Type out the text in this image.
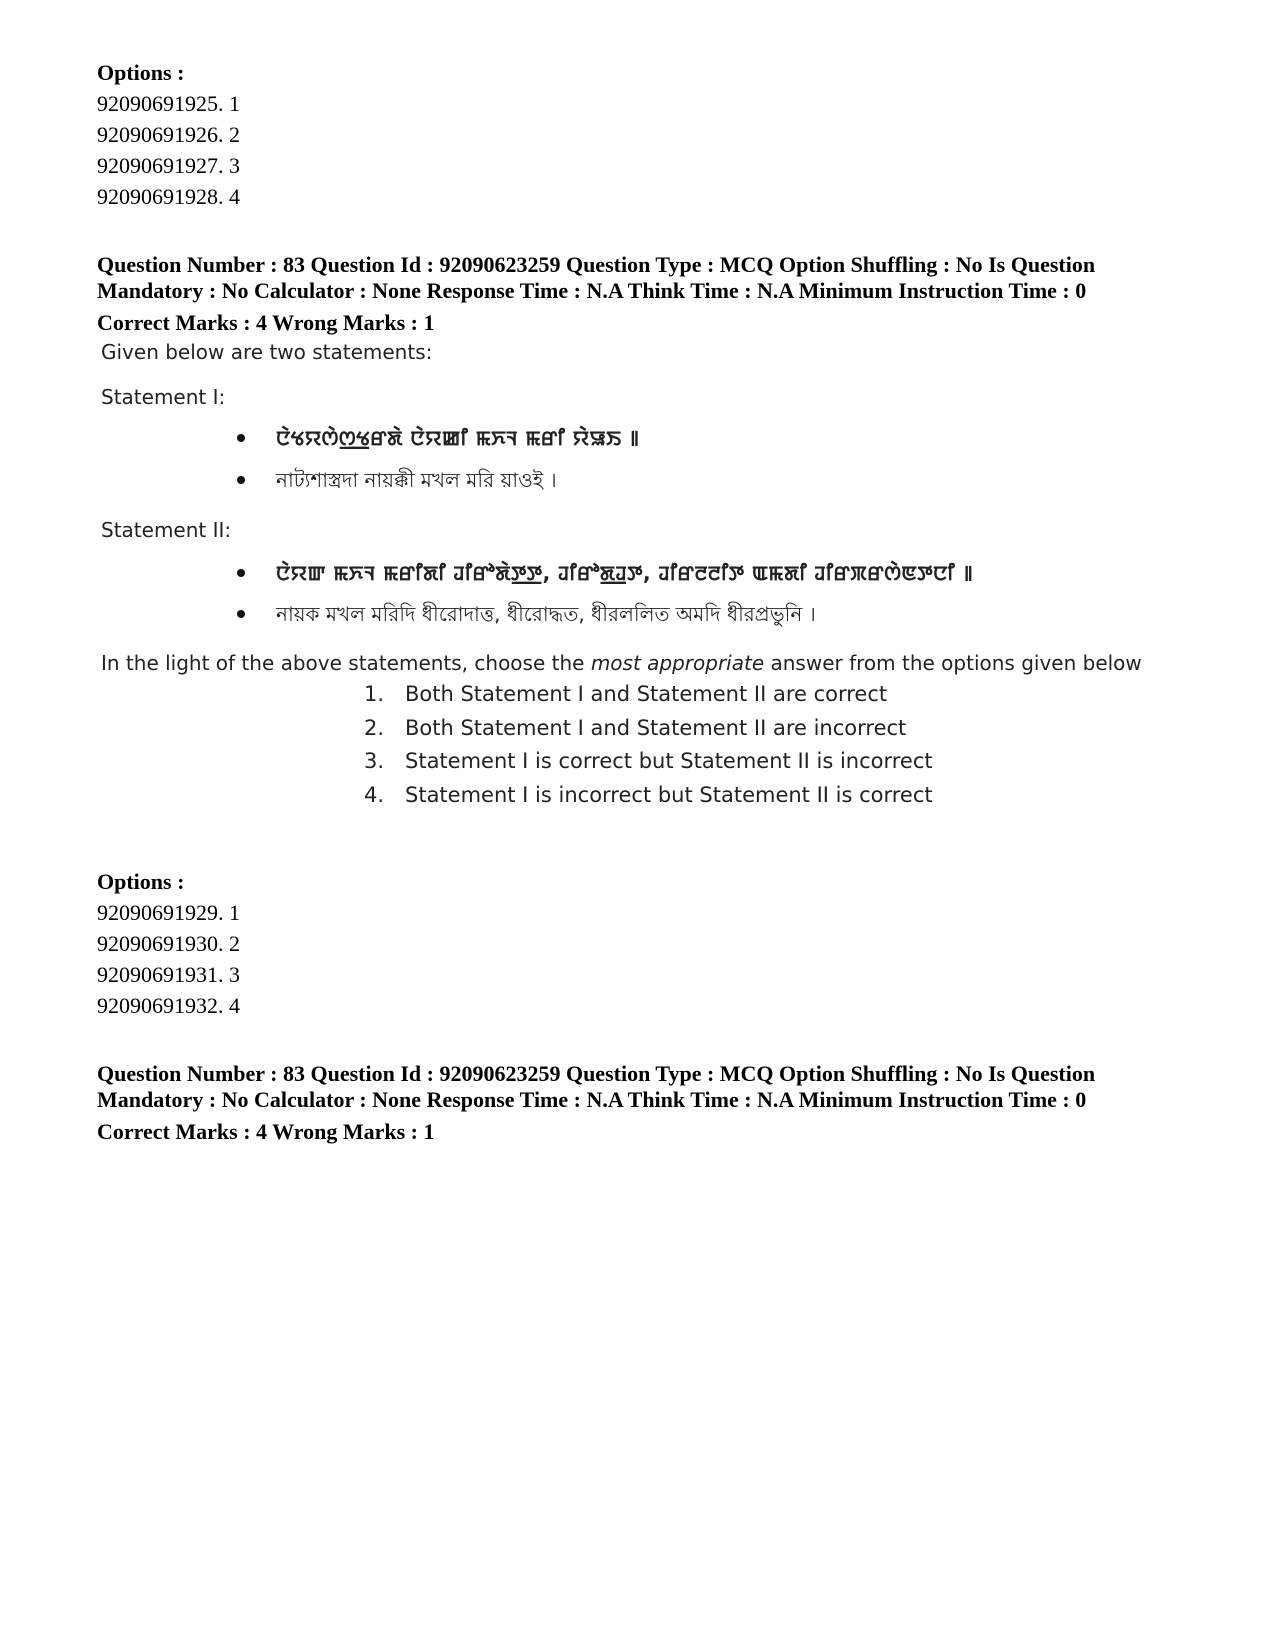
Options :
92090691925. 1
92090691926. 2
92090691927. 3
92090691928. 4
Question Number : 83 Question Id : 92090623259 Question Type : MCQ Option Shuffling : No Is Question
Mandatory : No Calculator : None Response Time : N.A Think Time : N.A Minimum Instruction Time : 0
Correct Marks : 4 Wrong Marks : 1
Given below are two statements:
Statement I:
ꯅꯥꯠꯌꯁꯥꯁ꯭ꯠꯔꯗꯥ ꯅꯥꯌꯀꯤ ꯃꯈꯜ ꯃꯔꯤ ꯌꯥꯎꯏ ꯫
নাট্যশাস্ত্রদা নায়ক্কী মখল মরি য়াওই ।
Statement II:
ꯅꯥꯌꯛ ꯃꯈꯜ ꯃꯔꯤꯗꯤ ꯙꯤꯔꯣꯗꯥꯇ꯭ꯇ, ꯙꯤꯔꯣꯗ꯭ꯙꯇ, ꯙꯤꯔꯂꯂꯤꯇ ꯑꯃꯗꯤ ꯙꯤꯔꯞꯔꯁꯥꯟꯇꯅꯤ ꯫
নায়ক মখল মরিদি ধীরোদাত্ত, ধীরোদ্ধত, ধীরললিত অমদি ধীরপ্রভুনি ।
In the light of the above statements, choose the most appropriate answer from the options given below
1. Both Statement I and Statement II are correct
2. Both Statement I and Statement II are incorrect
3. Statement I is correct but Statement II is incorrect
4. Statement I is incorrect but Statement II is correct
Options :
92090691929. 1
92090691930. 2
92090691931. 3
92090691932. 4
Question Number : 83 Question Id : 92090623259 Question Type : MCQ Option Shuffling : No Is Question
Mandatory : No Calculator : None Response Time : N.A Think Time : N.A Minimum Instruction Time : 0
Correct Marks : 4 Wrong Marks : 1
